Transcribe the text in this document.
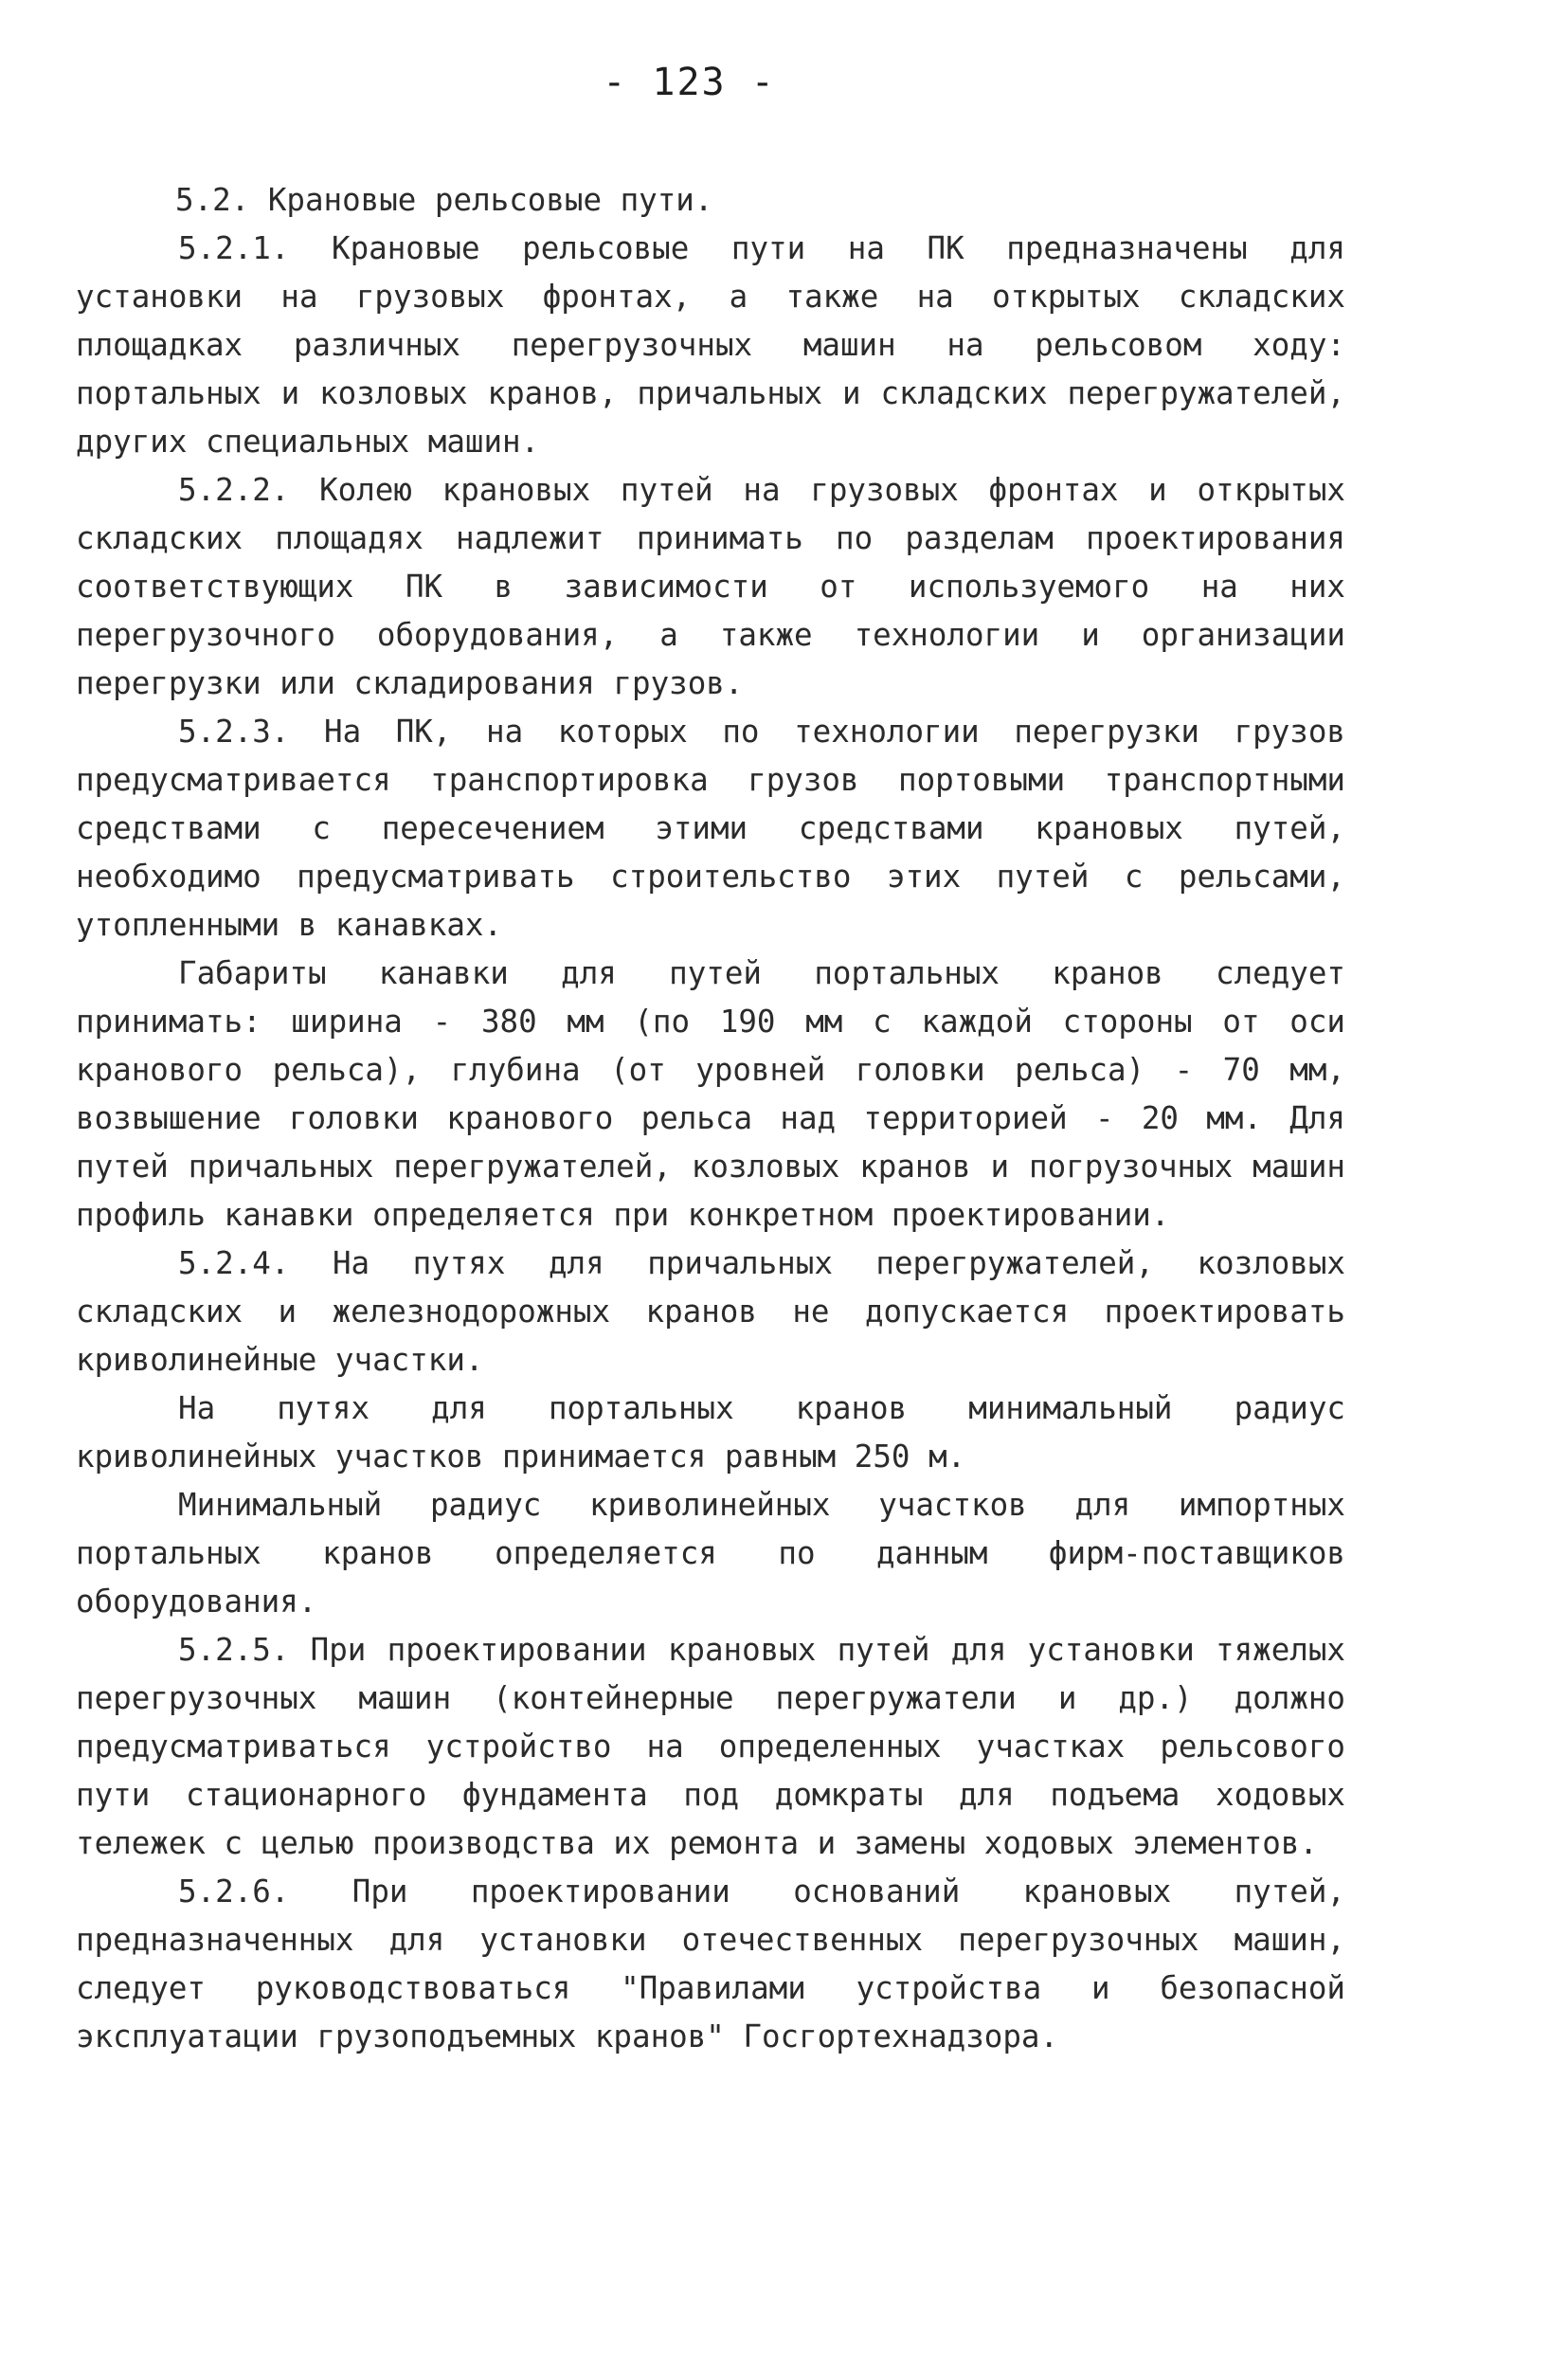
- 123 -

5.2. Крановые рельсовые пути.

5.2.1. Крановые рельсовые пути на ПК предназначены для установки на грузовых фронтах, а также на открытых складских площадках различных перегрузочных машин на рельсовом ходу: портальных и козловых кранов, причальных и складских перегружателей, других специальных машин.

5.2.2. Колею крановых путей на грузовых фронтах и открытых складских площадях надлежит принимать по разделам проектирования соответствующих ПК в зависимости от используемого на них перегрузочного оборудования, а также технологии и организации перегрузки или складирования грузов.

5.2.3. На ПК, на которых по технологии перегрузки грузов предусматривается транспортировка грузов портовыми транспортными средствами с пересечением этими средствами крановых путей, необходимо предусматривать строительство этих путей с рельсами, утопленными в канавках.

Габариты канавки для путей портальных кранов следует принимать: ширина - 380 мм (по 190 мм с каждой стороны от оси кранового рельса), глубина (от уровней головки рельса) - 70 мм, возвышение головки кранового рельса над территорией - 20 мм. Для путей причальных перегружателей, козловых кранов и погрузочных машин профиль канавки определяется при конкретном проектировании.

5.2.4. На путях для причальных перегружателей, козловых складских и железнодорожных кранов не допускается проектировать криволинейные участки.

На путях для портальных кранов минимальный радиус криволинейных участков принимается равным 250 м.

Минимальный радиус криволинейных участков для импортных портальных кранов определяется по данным фирм-поставщиков оборудования.

5.2.5. При проектировании крановых путей для установки тяжелых перегрузочных машин (контейнерные перегружатели и др.) должно предусматриваться устройство на определенных участках рельсового пути стационарного фундамента под домкраты для подъема ходовых тележек с целью производства их ремонта и замены ходовых элементов.

5.2.6. При проектировании оснований крановых путей, предназначенных для установки отечественных перегрузочных машин, следует руководствоваться "Правилами устройства и безопасной эксплуатации грузоподъемных кранов" Госгортехнадзора.
